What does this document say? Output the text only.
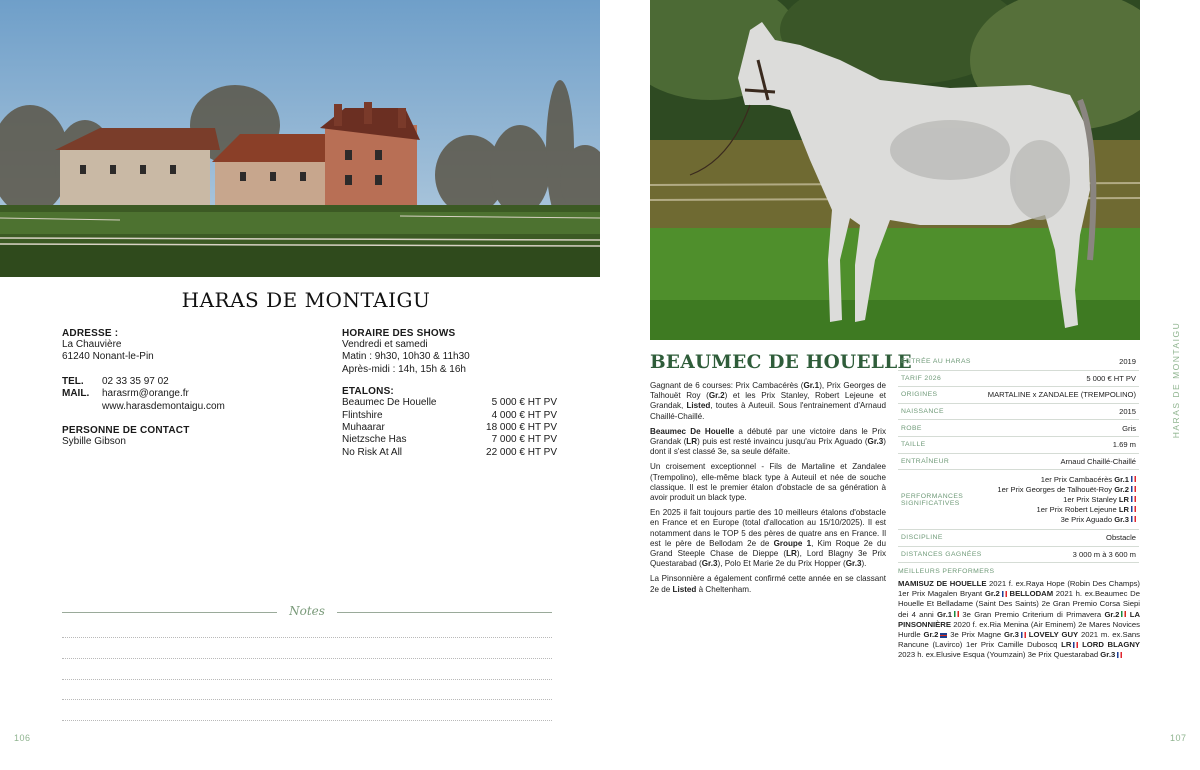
HARAS DE MONTAIGU
ADRESSE :
La Chauvière
61240 Nonant-le-Pin
TEL.	02 33 35 97 02
MAIL.	harasrm@orange.fr
www.harasdemontaigu.com
PERSONNE DE CONTACT
Sybille Gibson
HORAIRE DES SHOWS
Vendredi et samedi
Matin : 9h30, 10h30 & 11h30
Après-midi : 14h, 15h & 16h
ETALONS:
Beaumec De Houelle	5 000 € HT PV
Flintshire	4 000 € HT PV
Muhaarar	18 000 € HT PV
Nietzsche Has	7 000 € HT PV
No Risk At All	22 000 € HT PV
Notes
106
HARAS DE MONTAIGU
BEAUMEC DE HOUELLE

Gagnant de 6 courses: Prix Cambacérès (Gr.1), Prix Georges de Talhouët Roy (Gr.2) et les Prix Stanley, Robert Lejeune et Grandak, Listed, toutes à Auteuil. Sous l'entrainement d'Arnaud Chaillé-Chaillé.

Beaumec De Houelle a débuté par une victoire dans le Prix Grandak (LR) puis est resté invaincu jusqu'au Prix Aguado (Gr.3) dont il s'est classé 3e, sa seule défaite.

Un croisement exceptionnel - Fils de Martaline et Zandalee (Trempolino), elle-même black type à Auteuil et née de souche classique. Il est le premier étalon d'obstacle de sa génération à avoir produit un black type.

En 2025 il fait toujours partie des 10 meilleurs étalons d'obstacle en France et en Europe (total d'allocation au 15/10/2025). Il est notamment dans le TOP 5 des pères de quatre ans en France. Il est le père de Bellodam 2e de Groupe 1, Kim Roque 2e du Grand Steeple Chase de Dieppe (LR), Lord Blagny 3e Prix Questarabad (Gr.3), Polo Et Marie 2e du Prix Hopper (Gr.3).

La Pinsonnière a également confirmé cette année en se classant 2e de Listed à Cheltenham.

ENTRÉE AU HARAS	2019
TARIF 2026	5 000 € HT PV
ORIGINES	MARTALINE x ZANDALEE (TREMPOLINO)
NAISSANCE	2015
ROBE	Gris
TAILLE	1.69 m
ENTRAÎNEUR	Arnaud Chaillé-Chaillé
PERFORMANCES
SIGNIFICATIVES
1er Prix Cambacérès Gr.1
1er Prix Georges de Talhouët-Roy Gr.2
1er Prix Stanley LR
1er Prix Robert Lejeune LR
3e Prix Aguado Gr.3
DISCIPLINE	Obstacle
DISTANCES GAGNÉES	3 000 m à 3 600 m
MEILLEURS PERFORMERS
MAMISUZ DE HOUELLE 2021 f. ex.Raya Hope (Robin Des Champs) 1er Prix Magalen Bryant Gr.2 BELLODAM 2021 h. ex.Beaumec De Houelle Et Belladame (Saint Des Saints) 2e Gran Premio Corsa Siepi dei 4 anni Gr.1 3e Gran Premio Criterium di Primavera Gr.2 LA PINSONNIÈRE 2020 f. ex.Ria Menina (Air Eminem) 2e Mares Novices Hurdle Gr.2 3e Prix Magne Gr.3 LOVELY GUY 2021 m. ex.Sans Rancune (Lavirco) 1er Prix Camille Duboscq LR LORD BLAGNY 2023 h. ex.Elusive Esqua (Youmzain) 3e Prix Questarabad Gr.3
107
